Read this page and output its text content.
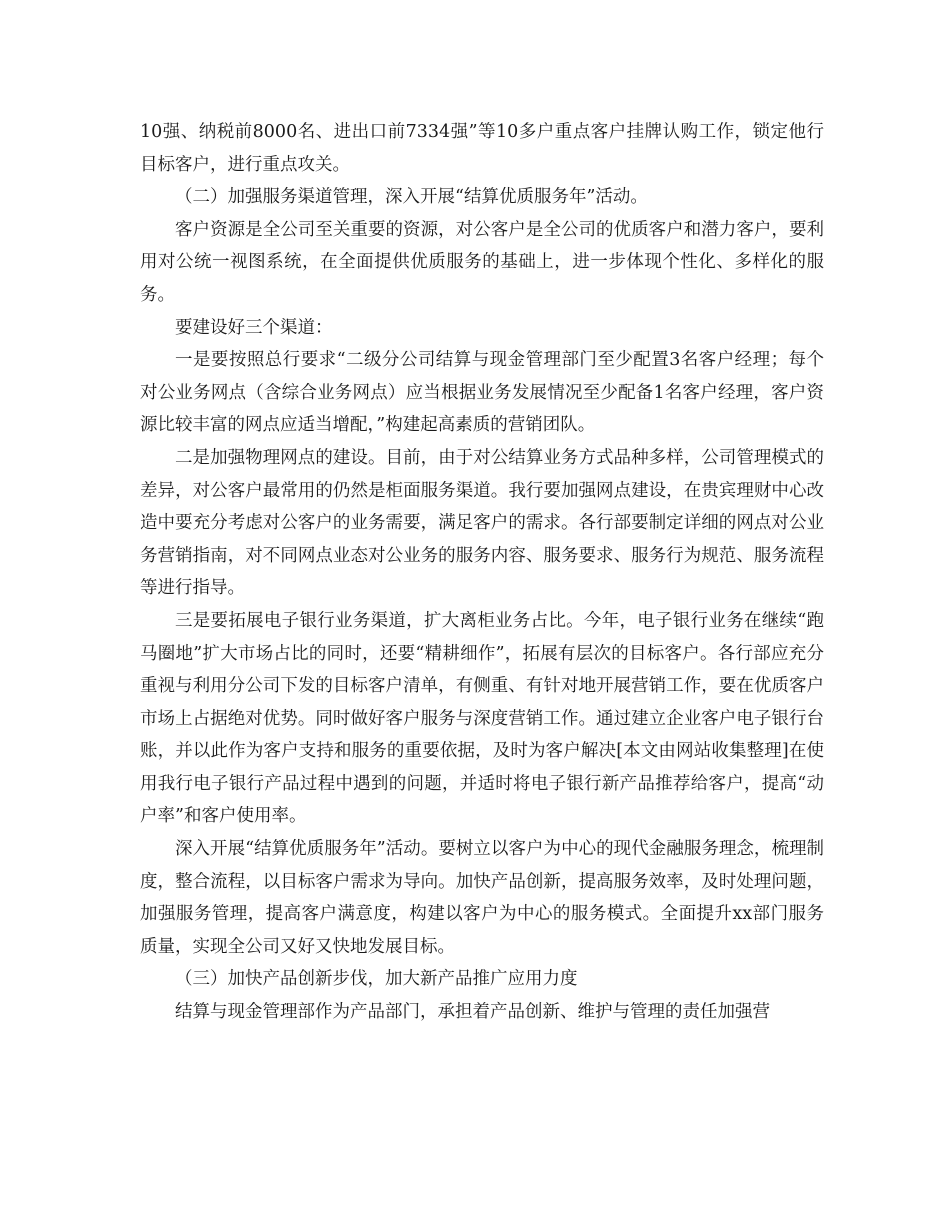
10强、纳税前8000名、进出口前7334强”等10多户重点客户挂牌认购工作，锁定他行目标客户，进行重点攻关。

（二）加强服务渠道管理，深入开展“结算优质服务年”活动。

客户资源是全公司至关重要的资源，对公客户是全公司的优质客户和潜力客户，要利用对公统一视图系统，在全面提供优质服务的基础上，进一步体现个性化、多样化的服务。

要建设好三个渠道：

一是要按照总行要求“二级分公司结算与现金管理部门至少配置3名客户经理；每个对公业务网点（含综合业务网点）应当根据业务发展情况至少配备1名客户经理，客户资源比较丰富的网点应适当增配，”构建起高素质的营销团队。

二是加强物理网点的建设。目前，由于对公结算业务方式品种多样，公司管理模式的差异，对公客户最常用的仍然是柜面服务渠道。我行要加强网点建设，在贵宾理财中心改造中要充分考虑对公客户的业务需要，满足客户的需求。各行部要制定详细的网点对公业务营销指南，对不同网点业态对公业务的服务内容、服务要求、服务行为规范、服务流程等进行指导。

三是要拓展电子银行业务渠道，扩大离柜业务占比。今年，电子银行业务在继续“跑马圈地”扩大市场占比的同时，还要“精耕细作”，拓展有层次的目标客户。各行部应充分重视与利用分公司下发的目标客户清单，有侧重、有针对地开展营销工作，要在优质客户市场上占据绝对优势。同时做好客户服务与深度营销工作。通过建立企业客户电子银行台账，并以此作为客户支持和服务的重要依据，及时为客户解决[本文由网站收集整理]在使用我行电子银行产品过程中遇到的问题，并适时将电子银行新产品推荐给客户，提高“动户率”和客户使用率。

深入开展“结算优质服务年”活动。要树立以客户为中心的现代金融服务理念，梳理制度，整合流程，以目标客户需求为导向。加快产品创新，提高服务效率，及时处理问题，加强服务管理，提高客户满意度，构建以客户为中心的服务模式。全面提升xx部门服务质量，实现全公司又好又快地发展目标。

（三）加快产品创新步伐，加大新产品推广应用力度

结算与现金管理部作为产品部门，承担着产品创新、维护与管理的责任加强营
